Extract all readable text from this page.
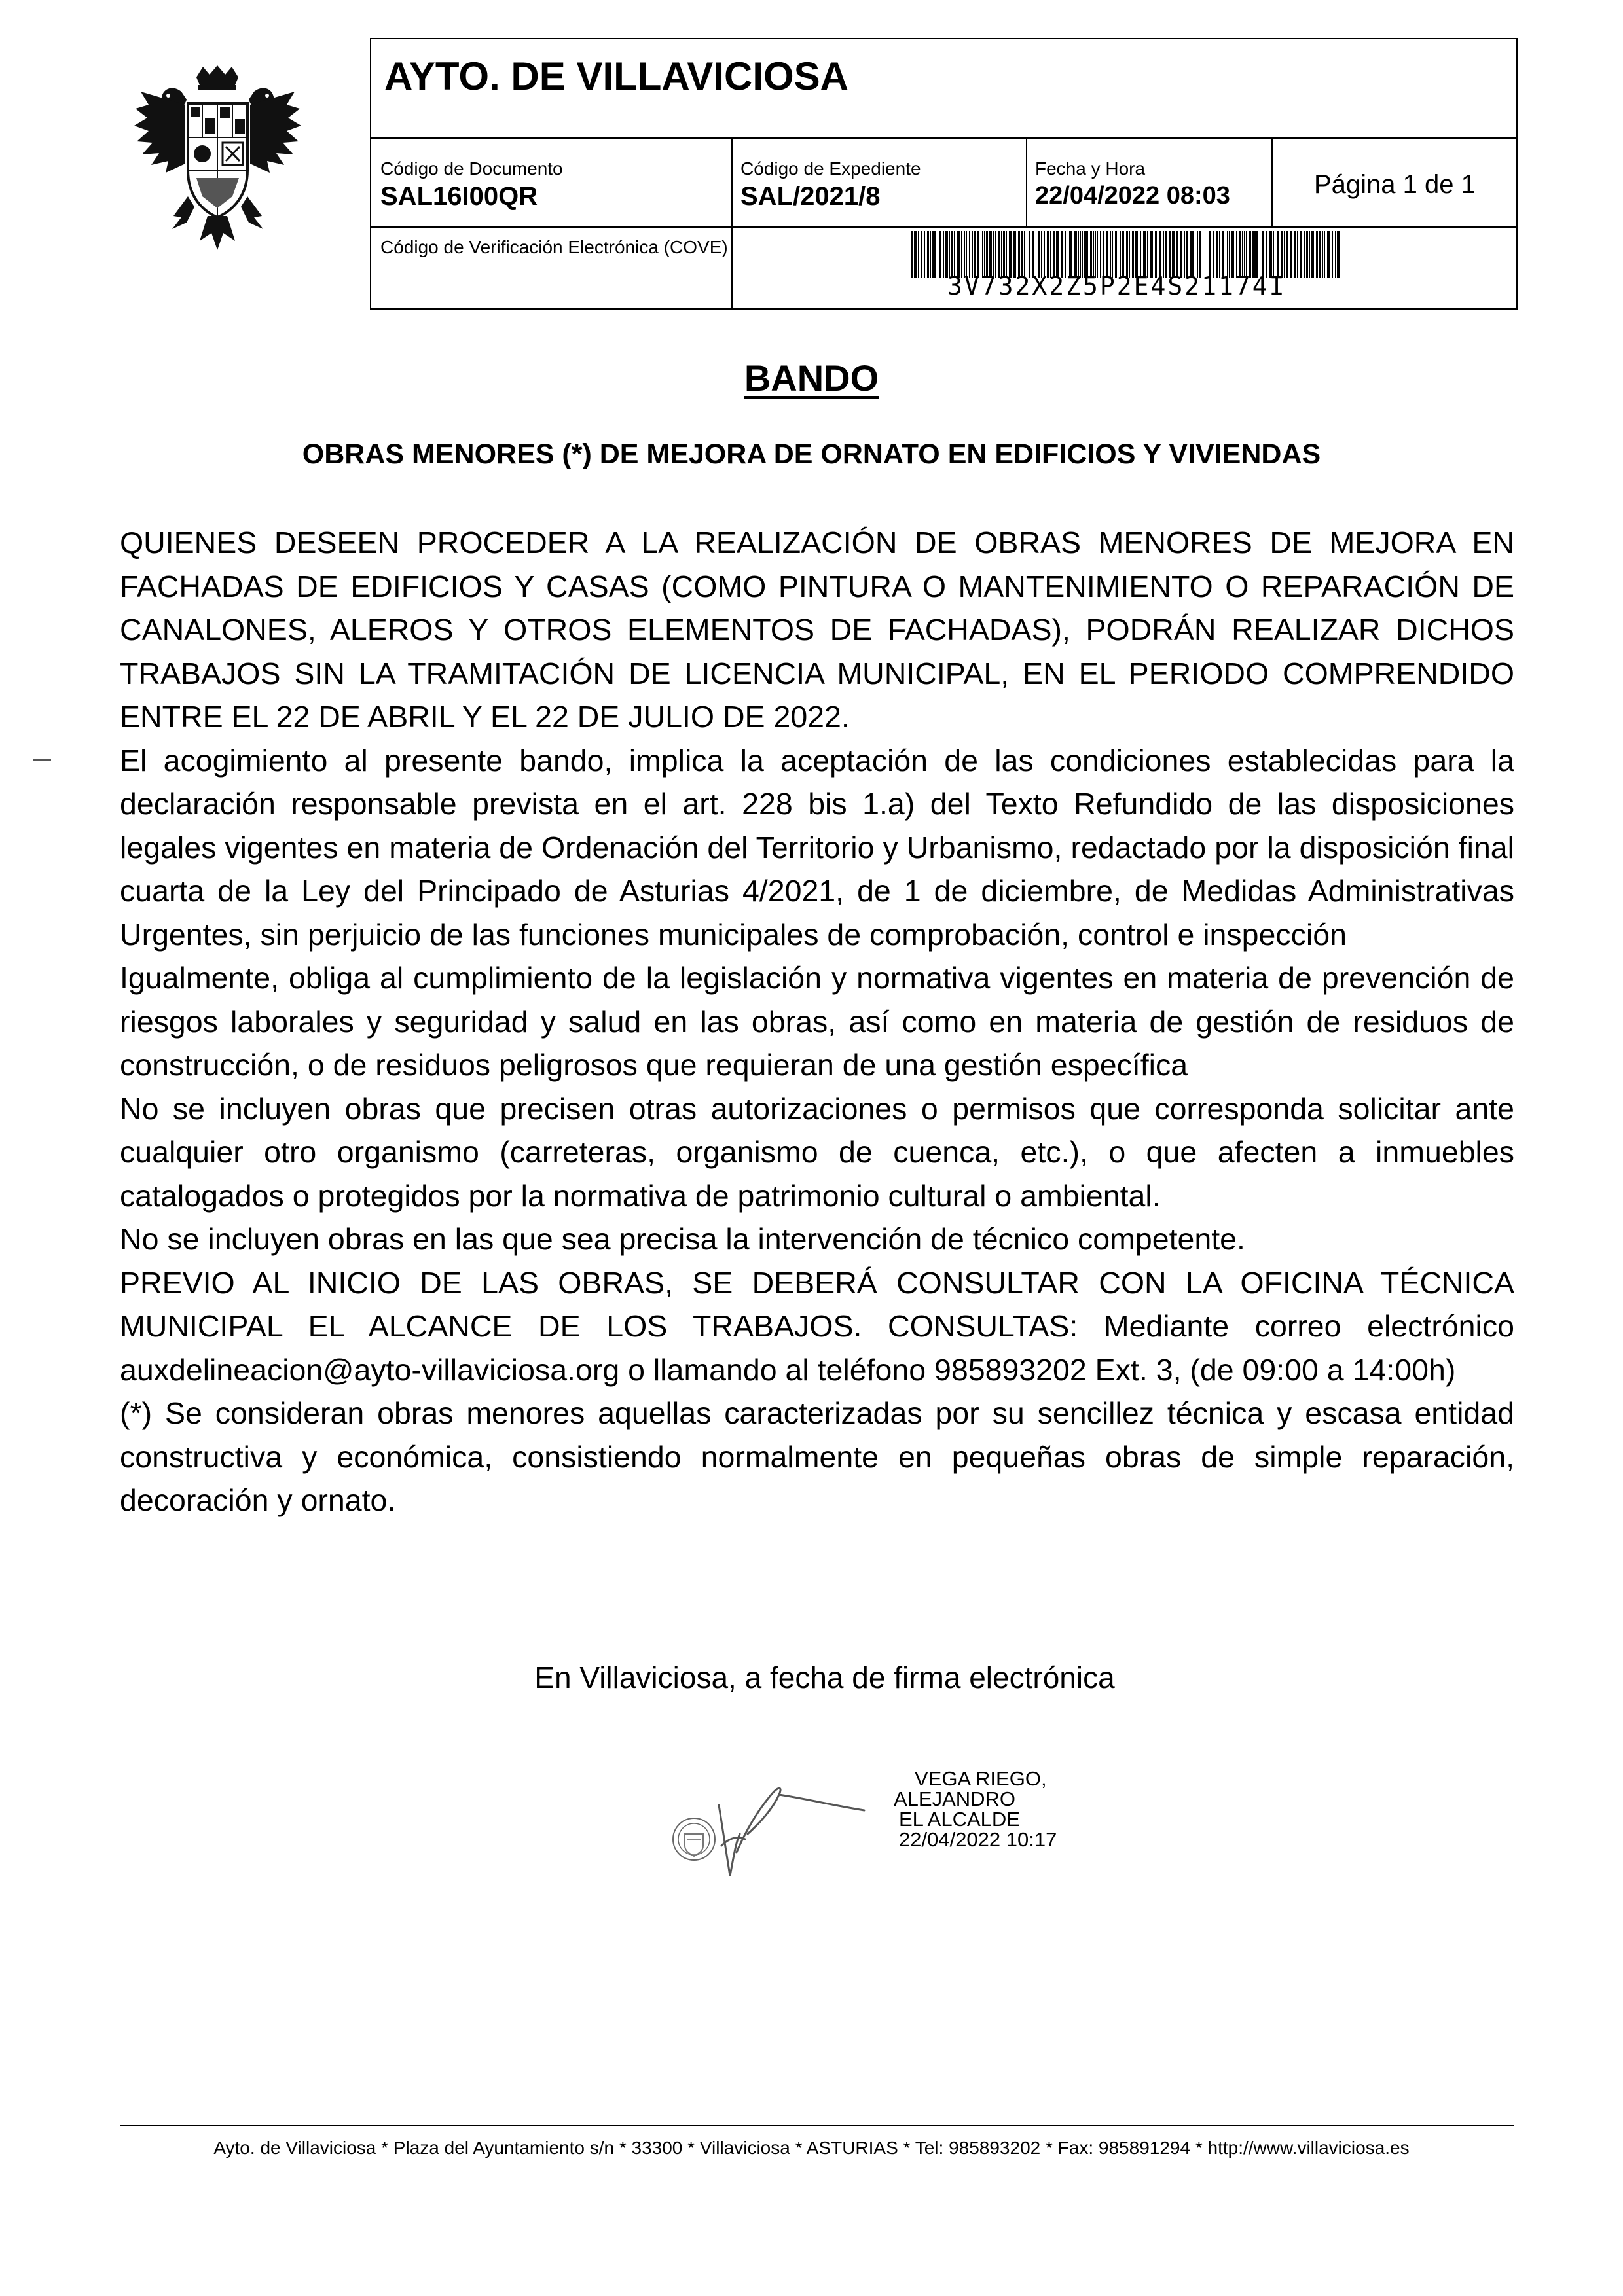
AYTO. DE VILLAVICIOSA
Código de Documento
SAL16I00QR
Código de Expediente
SAL/2021/8
Fecha y Hora
22/04/2022 08:03	Página 1 de 1
Código de Verificación Electrónica (COVE)
3V732X2Z5P2E4S21174I
BANDO
OBRAS MENORES (*) DE MEJORA DE ORNATO EN EDIFICIOS Y VIVIENDAS

QUIENES DESEEN PROCEDER A LA REALIZACIÓN DE OBRAS MENORES DE MEJORA EN FACHADAS DE EDIFICIOS Y CASAS (COMO PINTURA O MANTENIMIENTO O REPARACIÓN DE CANALONES, ALEROS Y OTROS ELEMENTOS DE FACHADAS), PODRÁN REALIZAR DICHOS TRABAJOS SIN LA TRAMITACIÓN DE LICENCIA MUNICIPAL, EN EL PERIODO COMPRENDIDO ENTRE EL 22 DE ABRIL Y EL 22 DE JULIO DE 2022.

El acogimiento al presente bando, implica la aceptación de las condiciones establecidas para la declaración responsable prevista en el art. 228 bis 1.a) del Texto Refundido de las disposiciones legales vigentes en materia de Ordenación del Territorio y Urbanismo, redactado por la disposición final cuarta de la Ley del Principado de Asturias 4/2021, de 1 de diciembre, de Medidas Administrativas Urgentes, sin perjuicio de las funciones municipales de comprobación, control e inspección

Igualmente, obliga al cumplimiento de la legislación y normativa vigentes en materia de prevención de riesgos laborales y seguridad y salud en las obras, así como en materia de gestión de residuos de construcción, o de residuos peligrosos que requieran de una gestión específica

No se incluyen obras que precisen otras autorizaciones o permisos que corresponda solicitar ante cualquier otro organismo (carreteras, organismo de cuenca, etc.), o que afecten a inmuebles catalogados o protegidos por la normativa de patrimonio cultural o ambiental.

No se incluyen obras en las que sea precisa la intervención de técnico competente.

PREVIO AL INICIO DE LAS OBRAS, SE DEBERÁ CONSULTAR CON LA OFICINA TÉCNICA MUNICIPAL EL ALCANCE DE LOS TRABAJOS. CONSULTAS: Mediante correo electrónico auxdelineacion@ayto-villaviciosa.org o llamando al teléfono 985893202 Ext. 3, (de 09:00 a 14:00h)

(*) Se consideran obras menores aquellas caracterizadas por su sencillez técnica y escasa entidad constructiva y económica, consistiendo normalmente en pequeñas obras de simple reparación, decoración y ornato.

En Villaviciosa, a fecha de firma electrónica
VEGA RIEGO,
ALEJANDRO
EL ALCALDE
22/04/2022 10:17
Ayto. de Villaviciosa * Plaza del Ayuntamiento s/n * 33300 * Villaviciosa * ASTURIAS * Tel: 985893202 * Fax: 985891294 * http://www.villaviciosa.es
